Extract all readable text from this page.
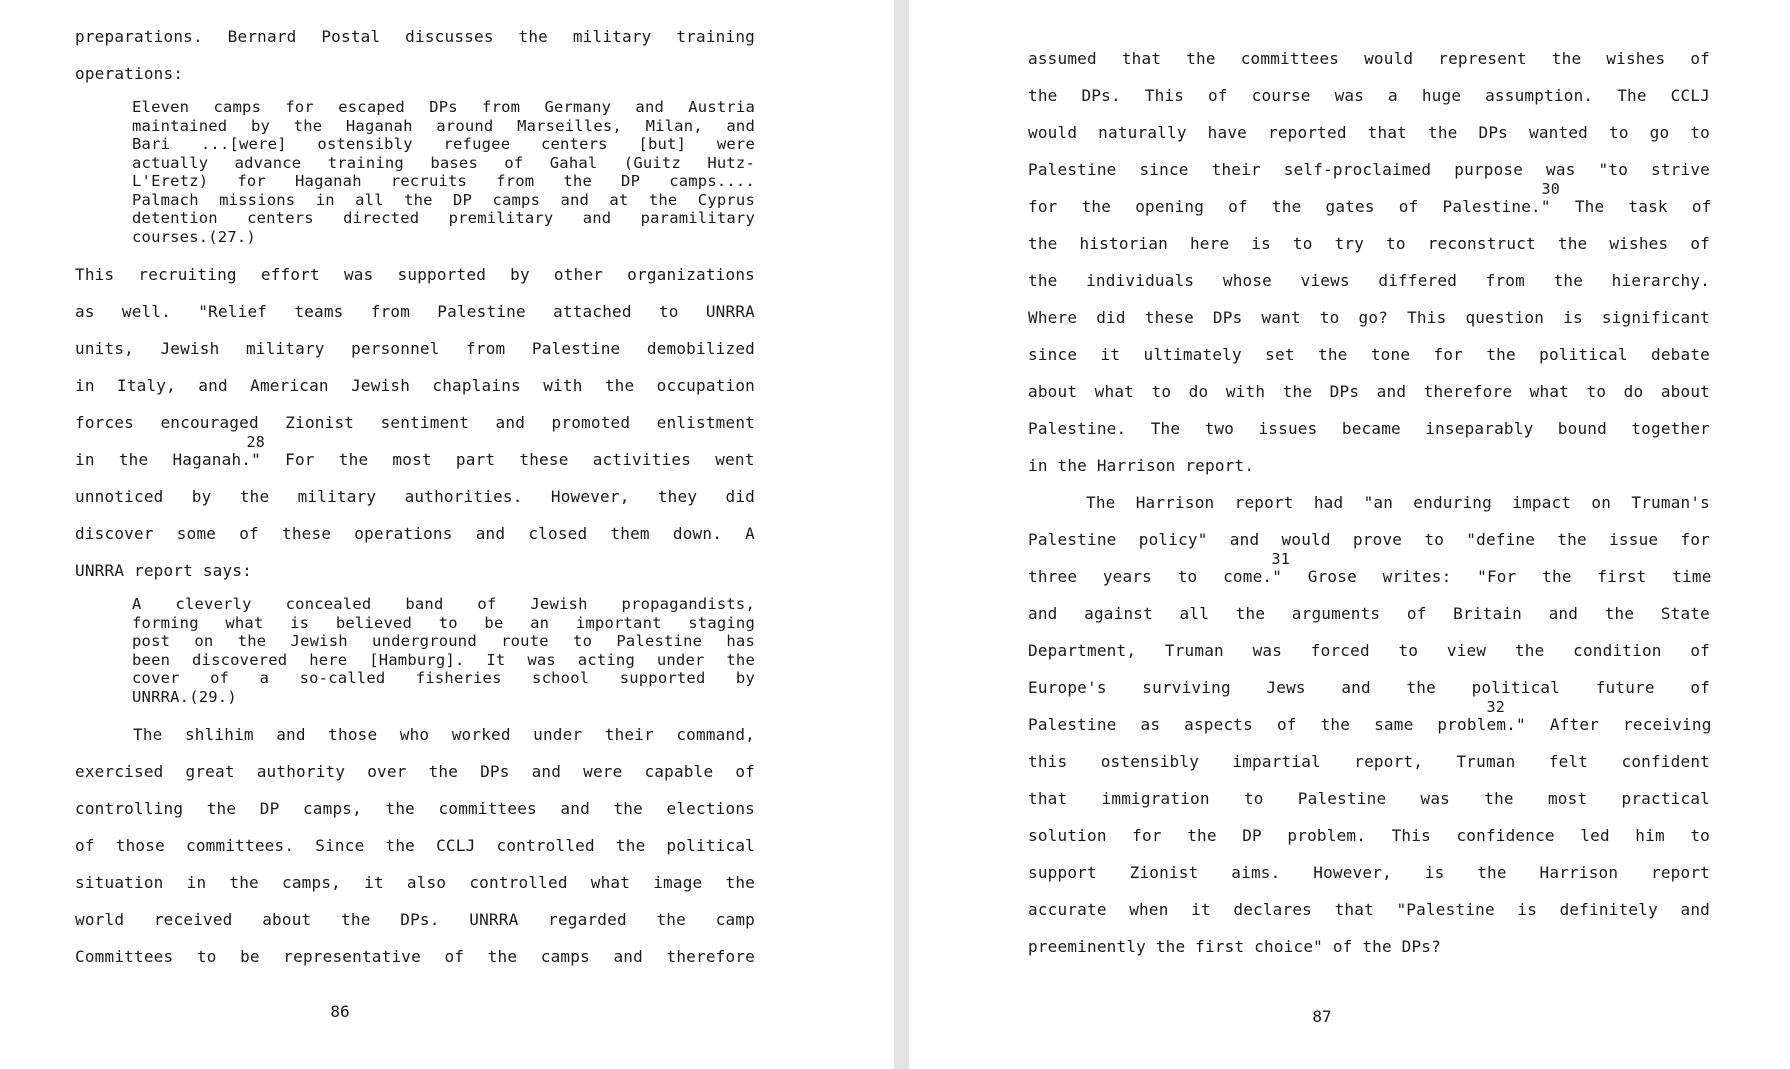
preparations. Bernard Postal discusses the military training
operations:
Eleven camps for escaped DPs from Germany and Austria
maintained by the Haganah around Marseilles, Milan, and
Bari ...[were] ostensibly refugee centers [but] were
actually advance training bases of Gahal (Guitz Hutz-
L'Eretz) for Haganah recruits from the DP camps....
Palmach missions in all the DP camps and at the Cyprus
detention centers directed premilitary and paramilitary
courses.(27.)
This recruiting effort was supported by other organizations
as well. "Relief teams from Palestine attached to UNRRA
units, Jewish military personnel from Palestine demobilized
in Italy, and American Jewish chaplains with the occupation
forces encouraged Zionist sentiment and promoted enlistment
in the Haganah." For the most part these activities went$^{28}$
unnoticed by the military authorities. However, they did
discover some of these operations and closed them down. A
UNRRA report says:
A cleverly concealed band of Jewish propagandists,
forming what is believed to be an important staging
post on the Jewish underground route to Palestine has
been discovered here [Hamburg]. It was acting under the
cover of a so-called fisheries school supported by
UNRRA.(29.)
The shlihim and those who worked under their command,
exercised great authority over the DPs and were capable of
controlling the DP camps, the committees and the elections
of those committees. Since the CCLJ controlled the political
situation in the camps, it also controlled what image the
world received about the DPs. UNRRA regarded the camp
Committees to be representative of the camps and therefore
86
assumed that the committees would represent the wishes of
the DPs. This of course was a huge assumption. The CCLJ
would naturally have reported that the DPs wanted to go to
Palestine since their self-proclaimed purpose was "to strive
for the opening of the gates of Palestine." The task of$^{30}$
the historian here is to try to reconstruct the wishes of
the individuals whose views differed from the hierarchy.
Where did these DPs want to go? This question is significant
since it ultimately set the tone for the political debate
about what to do with the DPs and therefore what to do about
Palestine. The two issues became inseparably bound together
in the Harrison report.
The Harrison report had "an enduring impact on Truman's
Palestine policy" and would prove to "define the issue for
three years to come." Grose writes: "For the first time$^{31}$
and against all the arguments of Britain and the State
Department, Truman was forced to view the condition of
Europe's surviving Jews and the political future of
Palestine as aspects of the same problem." After receiving$^{32}$
this ostensibly impartial report, Truman felt confident
that immigration to Palestine was the most practical
solution for the DP problem. This confidence led him to
support Zionist aims. However, is the Harrison report
accurate when it declares that "Palestine is definitely and
preeminently the first choice" of the DPs?
87
